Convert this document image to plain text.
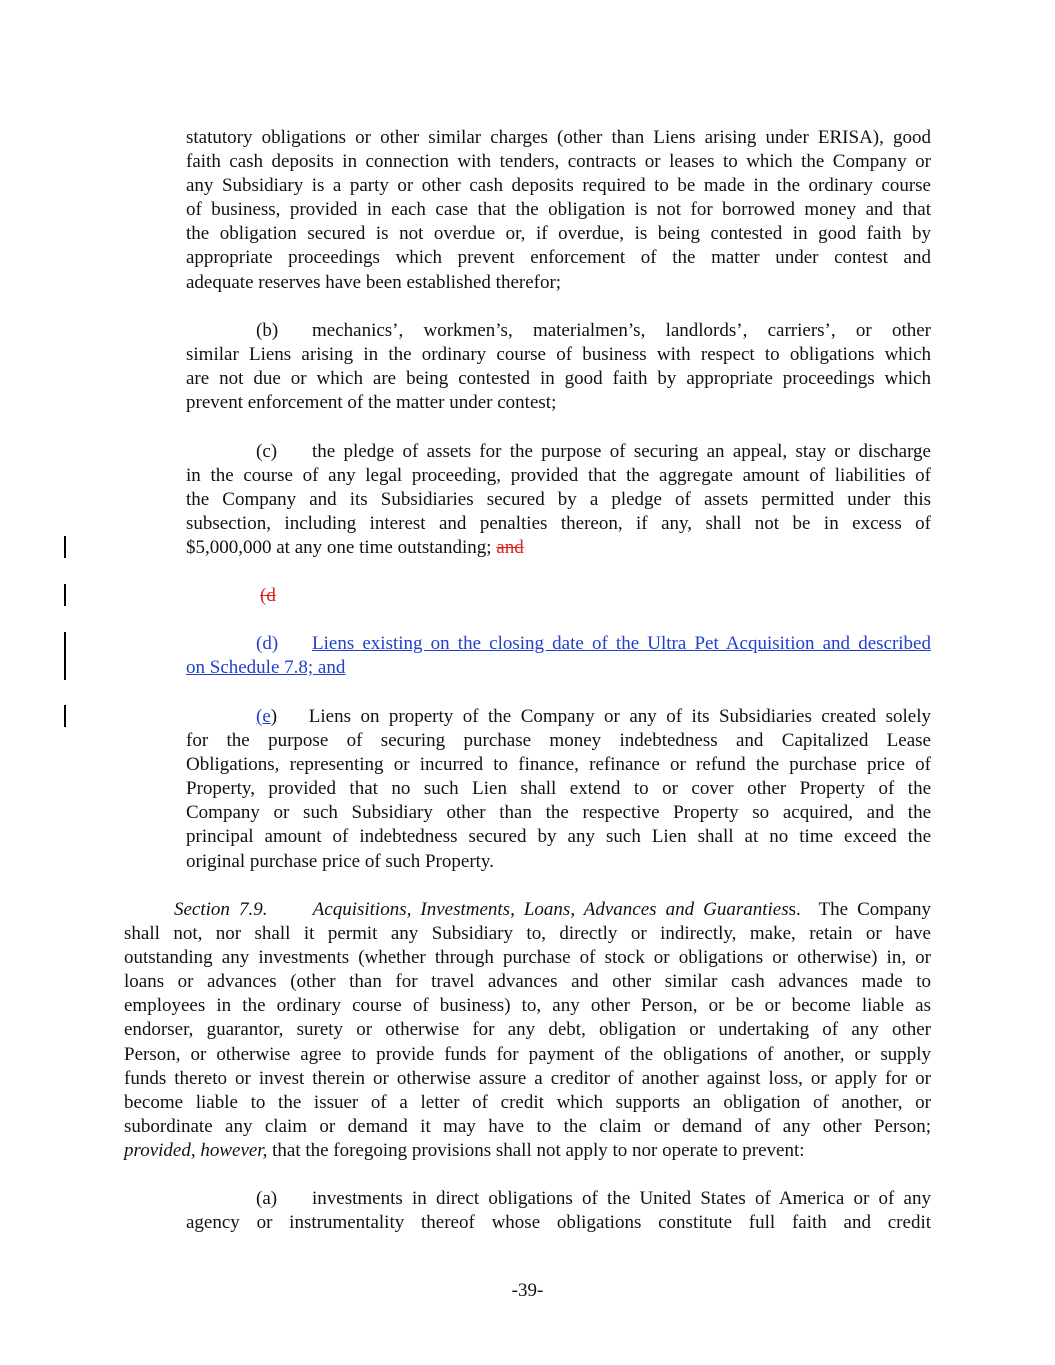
statutory obligations or other similar charges (other than Liens arising under ERISA), good
faith cash deposits in connection with tenders, contracts or leases to which the Company or
any Subsidiary is a party or other cash deposits required to be made in the ordinary course
of business, provided in each case that the obligation is not for borrowed money and that
the obligation secured is not overdue or, if overdue, is being contested in good faith by
appropriate proceedings which prevent enforcement of the matter under contest and
adequate reserves have been established therefor;
(b) mechanics’, workmen’s, materialmen’s, landlords’, carriers’, or other
similar Liens arising in the ordinary course of business with respect to obligations which
are not due or which are being contested in good faith by appropriate proceedings which
prevent enforcement of the matter under contest;
(c) the pledge of assets for the purpose of securing an appeal, stay or discharge
in the course of any legal proceeding, provided that the aggregate amount of liabilities of
the Company and its Subsidiaries secured by a pledge of assets permitted under this
subsection, including interest and penalties thereon, if any, shall not be in excess of
$5,000,000 at any one time outstanding; and
(d
(d) Liens existing on the closing date of the Ultra Pet Acquisition and described
on Schedule 7.8; and
(e) Liens on property of the Company or any of its Subsidiaries created solely
for the purpose of securing purchase money indebtedness and Capitalized Lease
Obligations, representing or incurred to finance, refinance or refund the purchase price of
Property, provided that no such Lien shall extend to or cover other Property of the
Company or such Subsidiary other than the respective Property so acquired, and the
principal amount of indebtedness secured by any such Lien shall at no time exceed the
original purchase price of such Property.
Section 7.9. Acquisitions, Investments, Loans, Advances and Guarantiess. The Company
shall not, nor shall it permit any Subsidiary to, directly or indirectly, make, retain or have
outstanding any investments (whether through purchase of stock or obligations or otherwise) in, or
loans or advances (other than for travel advances and other similar cash advances made to
employees in the ordinary course of business) to, any other Person, or be or become liable as
endorser, guarantor, surety or otherwise for any debt, obligation or undertaking of any other
Person, or otherwise agree to provide funds for payment of the obligations of another, or supply
funds thereto or invest therein or otherwise assure a creditor of another against loss, or apply for or
become liable to the issuer of a letter of credit which supports an obligation of another, or
subordinate any claim or demand it may have to the claim or demand of any other Person;
provided, however, that the foregoing provisions shall not apply to nor operate to prevent:
(a) investments in direct obligations of the United States of America or of any
agency or instrumentality thereof whose obligations constitute full faith and credit
-39-
